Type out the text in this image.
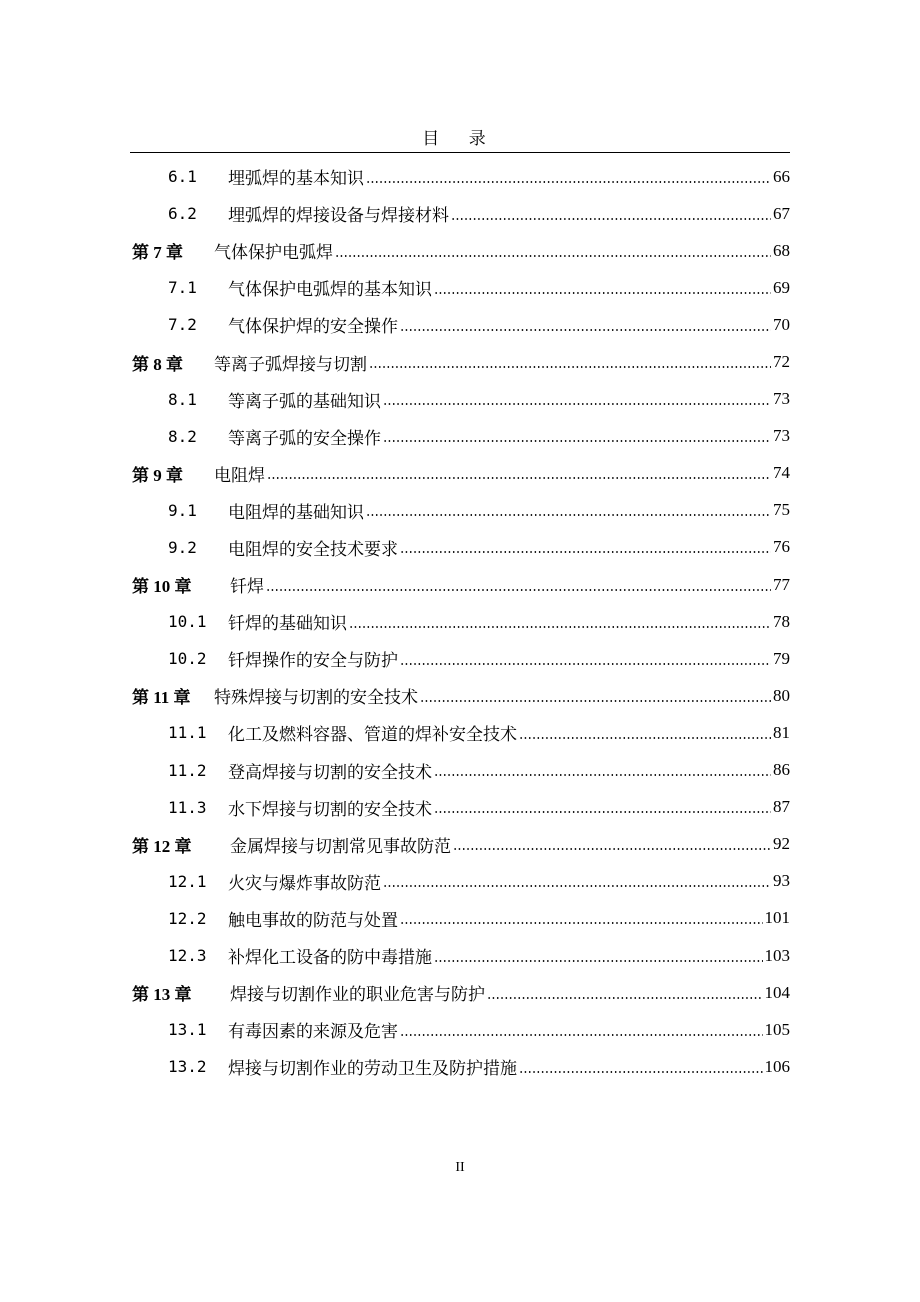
目 录
6.1	埋弧焊的基本知识	66
6.2	埋弧焊的焊接设备与焊接材料	67
第 7 章	气体保护电弧焊	68
7.1	气体保护电弧焊的基本知识	69
7.2	气体保护焊的安全操作	70
第 8 章	等离子弧焊接与切割	72
8.1	等离子弧的基础知识	73
8.2	等离子弧的安全操作	73
第 9 章	电阻焊	74
9.1	电阻焊的基础知识	75
9.2	电阻焊的安全技术要求	76
第 10 章	钎焊	77
10.1	钎焊的基础知识	78
10.2	钎焊操作的安全与防护	79
第 11 章	特殊焊接与切割的安全技术	80
11.1	化工及燃料容器、管道的焊补安全技术	81
11.2	登高焊接与切割的安全技术	86
11.3	水下焊接与切割的安全技术	87
第 12 章	金属焊接与切割常见事故防范	92
12.1	火灾与爆炸事故防范	93
12.2	触电事故的防范与处置	101
12.3	补焊化工设备的防中毒措施	103
第 13 章	焊接与切割作业的职业危害与防护	104
13.1	有毒因素的来源及危害	105
13.2	焊接与切割作业的劳动卫生及防护措施	106
II
